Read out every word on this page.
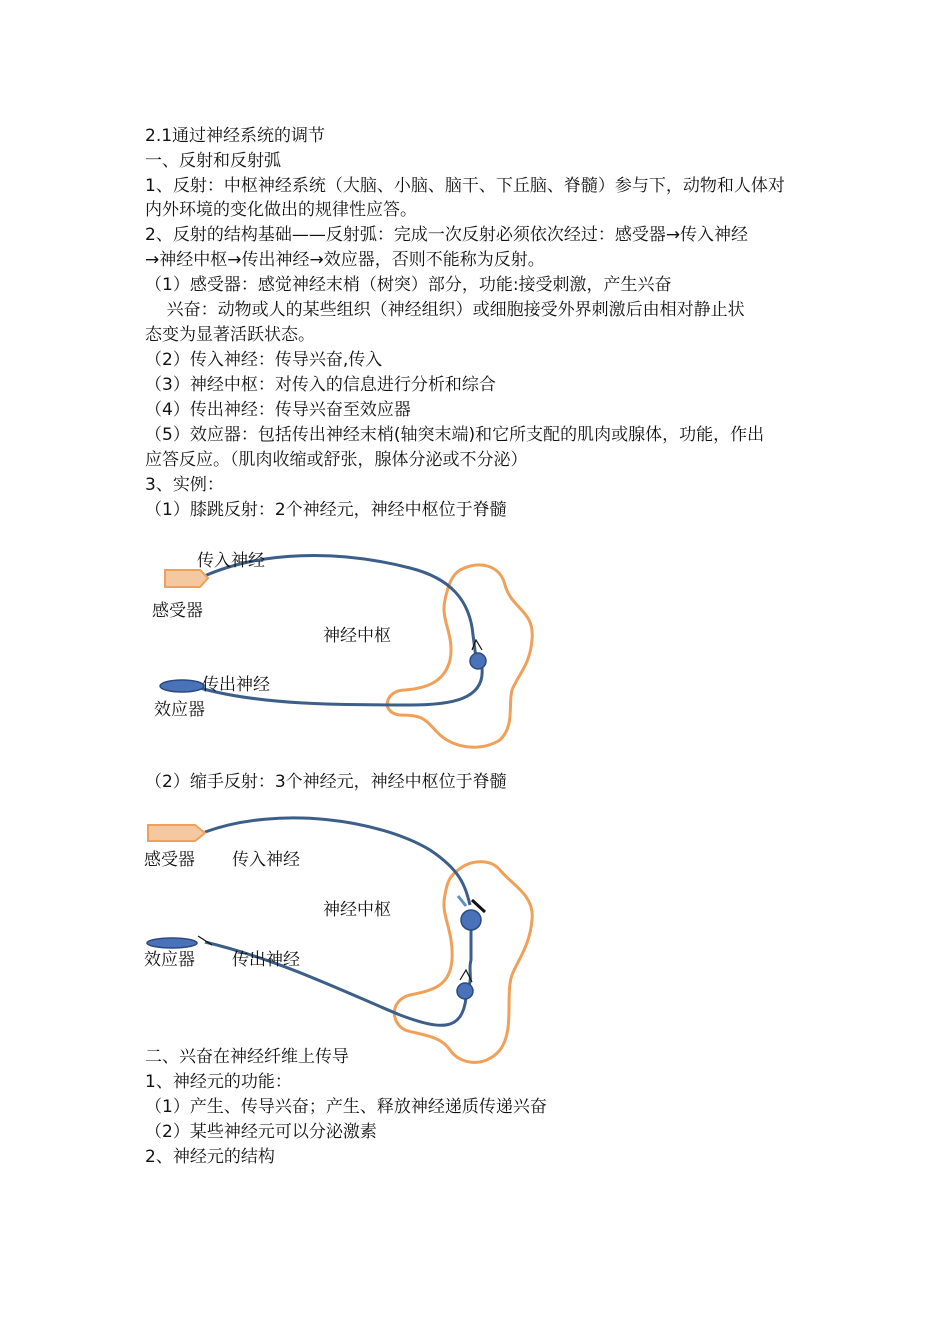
2.1通过神经系统的调节
一、反射和反射弧
1、反射：中枢神经系统（大脑、小脑、脑干、下丘脑、脊髓）参与下，动物和人体对
内外环境的变化做出的规律性应答。
2、反射的结构基础——反射弧：完成一次反射必须依次经过：感受器→传入神经
→神经中枢→传出神经→效应器，否则不能称为反射。
（1）感受器：感觉神经末梢（树突）部分，功能:接受刺激，产生兴奋
兴奋：动物或人的某些组织（神经组织）或细胞接受外界刺激后由相对静止状
态变为显著活跃状态。
（2）传入神经：传导兴奋,传入
（3）神经中枢：对传入的信息进行分析和综合
（4）传出神经：传导兴奋至效应器
（5）效应器：包括传出神经末梢(轴突末端)和它所支配的肌肉或腺体，功能，作出
应答反应。（肌肉收缩或舒张，腺体分泌或不分泌）
3、实例：
（1）膝跳反射：2个神经元，神经中枢位于脊髓
传入神经
感受器
神经中枢
传出神经
效应器
（2）缩手反射：3个神经元，神经中枢位于脊髓
感受器 传入神经
神经中枢
效应器 传出神经
二、兴奋在神经纤维上传导
1、神经元的功能：
（1）产生、传导兴奋；产生、释放神经递质传递兴奋
（2）某些神经元可以分泌激素
2、神经元的结构
